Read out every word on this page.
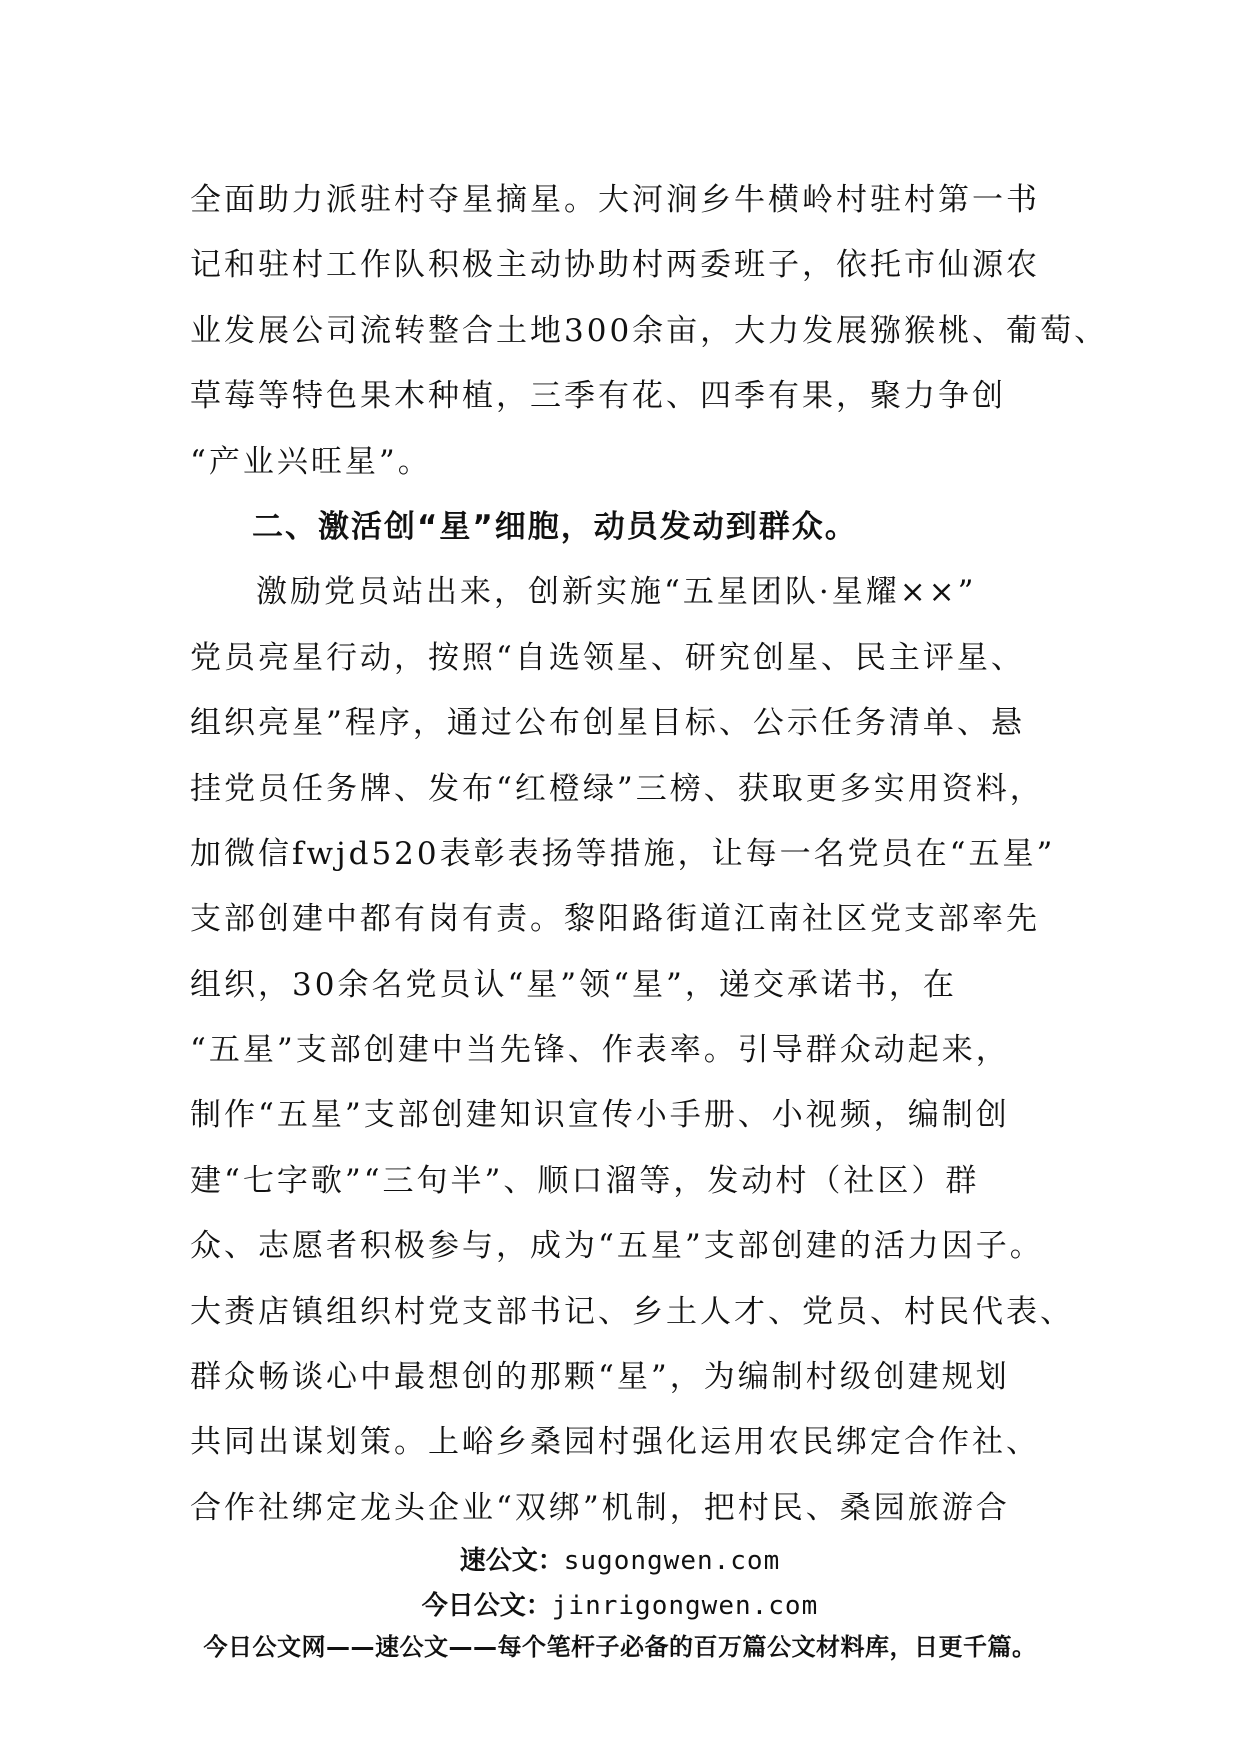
全面助力派驻村夺星摘星。大河涧乡牛横岭村驻村第一书
记和驻村工作队积极主动协助村两委班子，依托市仙源农
业发展公司流转整合土地300余亩，大力发展猕猴桃、葡萄、
草莓等特色果木种植，三季有花、四季有果，聚力争创
“产业兴旺星”。
二、激活创“星”细胞，动员发动到群众。
激励党员站出来，创新实施“五星团队·星耀××”
党员亮星行动，按照“自选领星、研究创星、民主评星、
组织亮星”程序，通过公布创星目标、公示任务清单、悬
挂党员任务牌、发布“红橙绿”三榜、获取更多实用资料，
加微信fwjd520表彰表扬等措施，让每一名党员在“五星”
支部创建中都有岗有责。黎阳路街道江南社区党支部率先
组织，30余名党员认“星”领“星”，递交承诺书，在
“五星”支部创建中当先锋、作表率。引导群众动起来，
制作“五星”支部创建知识宣传小手册、小视频，编制创
建“七字歌”“三句半”、顺口溜等，发动村（社区）群
众、志愿者积极参与，成为“五星”支部创建的活力因子。
大赉店镇组织村党支部书记、乡土人才、党员、村民代表、
群众畅谈心中最想创的那颗“星”，为编制村级创建规划
共同出谋划策。上峪乡桑园村强化运用农民绑定合作社、
合作社绑定龙头企业“双绑”机制，把村民、桑园旅游合
速公文：sugongwen.com
今日公文：jinrigongwen.com
今日公文网——速公文——每个笔杆子必备的百万篇公文材料库，日更千篇。
